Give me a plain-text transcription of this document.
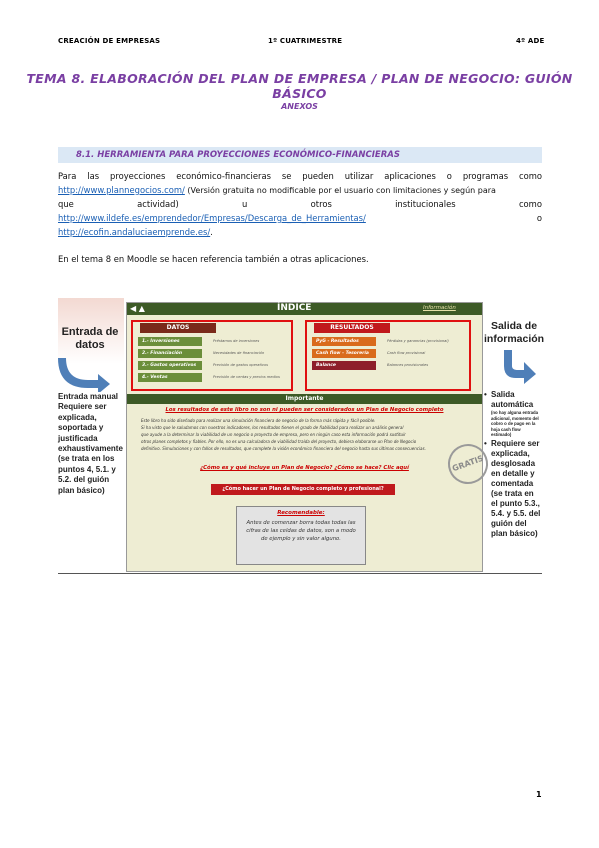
CREACIÓN DE EMPRESAS	1º CUATRIMESTRE	4º ADE
TEMA 8. ELABORACIÓN DEL PLAN DE EMPRESA / PLAN DE NEGOCIO: GUIÓN BÁSICO
ANEXOS
8.1. HERRAMIENTA PARA PROYECCIONES ECONÓMICO-FINANCIERAS
Para las proyecciones económico-financieras se pueden utilizar aplicaciones o programas como
http://www.plannegocios.com/ (Versión gratuita no modificable por el usuario con limitaciones y según para
que	actividad)	u	otros	institucionales	como
http://www.ildefe.es/emprendedor/Empresas/Descarga_de_Herramientas/	o
http://ecofin.andaluciaemprende.es/.
En el tema 8 en Moodle se hacen referencia también a otras aplicaciones.
Entrada de datos
Entrada manual Requiere ser explicada, soportada y justificada exhaustivamente (se trata en los puntos 4, 5.1. y 5.2. del guión plan básico)
Salida de información
• Salida automática
(no hay alguna entrada adicional, momento del cobro o de pago en la hoja cash flow estimado)
• Requiere ser explicada, desglosada en detalle y comentada (se trata en el punto 5.3., 5.4. y 5.5. del guión del plan básico)
◀ ▲	ÍNDICE	Información
DATOS
1.- Inversiones	Préstamos de inversiones
2.- Financiación	Necesidades de financiación
3.- Gastos operativos	Previsión de gastos operativos
4.- Ventas	Previsión de ventas y precios medios
RESULTADOS
PyG - Resultados	Pérdidas y ganancias (provisional)
Cash flow - Tesorería	Cash flow provisional
Balance	Balances provisionales
Importante
Los resultados de este libro no son ni pueden ser considerados un Plan de Negocio completo
Este libro ha sido diseñado para realizar una simulación financiera de negocio de la forma más rápida y fácil posible.
Si ha visto que le saludamos con nuestros indicadores, los resultados tienen el grado de fiabilidad para realizar un análisis general
que ayude a la determinar la viabilidad de un negocio o proyecto de empresa, pero en ningún caso esta información podrá sustituir
otros planes completos y fiables. Por ello, no es una calculadora de viabilidad traída del proyecto, debiera elaborarse un Plan de Negocio
definitivo. Simulaciones y con fallos de resultados, que complete la visión económico financiera del negocio hasta sus últimas consecuencias.
¿Cómo es y qué incluye un Plan de Negocio? ¿Cómo se hace? Clic aquí
¿Cómo hacer un Plan de Negocio completo y profesional?
GRATIS
Recomendable:
Antes de comenzar borra todas todas las cifras de las celdas de datos, son a modo de ejemplo y sin valor alguno.
1
